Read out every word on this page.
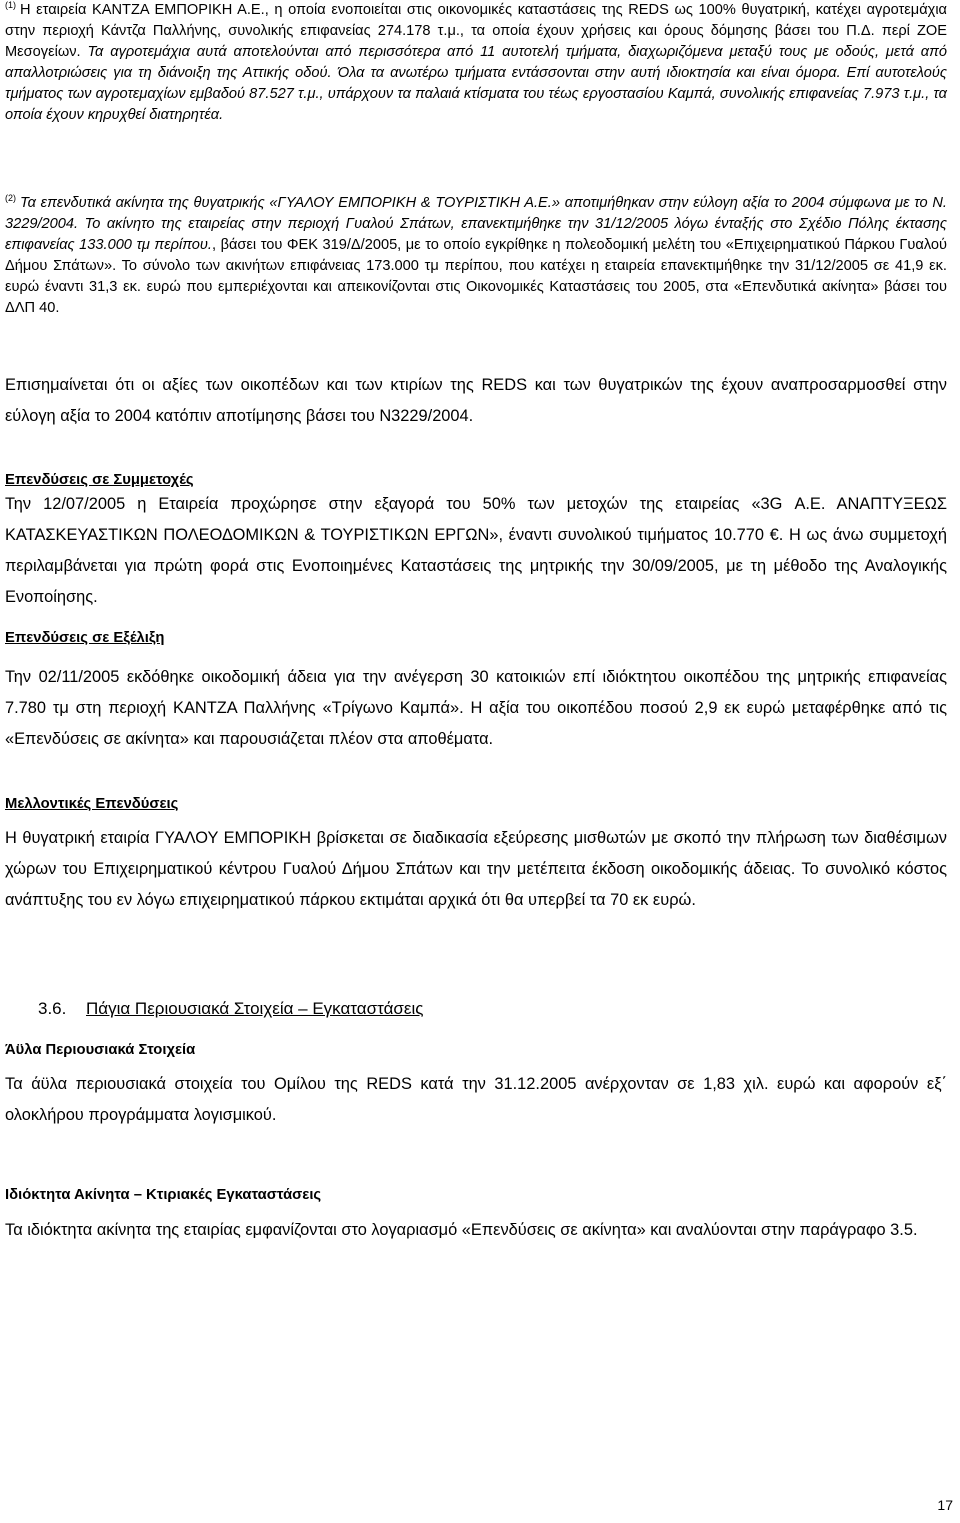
$^{(1)}$ Η εταιρεία ΚΑΝΤΖΑ ΕΜΠΟΡΙΚΗ Α.Ε., η οποία ενοποιείται στις οικονομικές καταστάσεις της REDS ως 100% θυγατρική, κατέχει αγροτεμάχια στην περιοχή Κάντζα Παλλήνης, συνολικής επιφανείας 274.178 τ.μ., τα οποία έχουν χρήσεις και όρους δόμησης βάσει του Π.Δ. περί ΖΟΕ Μεσογείων. Τα αγροτεμάχια αυτά αποτελούνται από περισσότερα από 11 αυτοτελή τμήματα, διαχωριζόμενα μεταξύ τους με οδούς, μετά από απαλλοτριώσεις για τη διάνοιξη της Αττικής οδού. Όλα τα ανωτέρω τμήματα εντάσσονται στην αυτή ιδιοκτησία και είναι όμορα. Επί αυτοτελούς τμήματος των αγροτεμαχίων εμβαδού 87.527 τ.μ., υπάρχουν τα παλαιά κτίσματα του τέως εργοστασίου Καμπά, συνολικής επιφανείας 7.973 τ.μ., τα οποία έχουν κηρυχθεί διατηρητέα.
$^{(2)}$ Τα επενδυτικά ακίνητα της θυγατρικής «ΓΥΑΛΟΥ ΕΜΠΟΡΙΚΗ & ΤΟΥΡΙΣΤΙΚΗ Α.Ε.» αποτιμήθηκαν στην εύλογη αξία το 2004 σύμφωνα με το Ν. 3229/2004. Το ακίνητο της εταιρείας στην περιοχή Γυαλού Σπάτων, επανεκτιμήθηκε την 31/12/2005 λόγω ένταξής στο Σχέδιο Πόλης έκτασης επιφανείας 133.000 τμ περίπου., βάσει του ΦΕΚ 319/Δ/2005, με το οποίο εγκρίθηκε η πολεοδομική μελέτη του «Επιχειρηματικού Πάρκου Γυαλού Δήμου Σπάτων». Το σύνολο των ακινήτων επιφάνειας 173.000 τμ περίπου, που κατέχει η εταιρεία επανεκτιμήθηκε την 31/12/2005 σε 41,9 εκ. ευρώ έναντι 31,3 εκ. ευρώ που εμπεριέχονται και απεικονίζονται στις Οικονομικές Καταστάσεις του 2005, στα «Επενδυτικά ακίνητα» βάσει του ΔΛΠ 40.
Επισημαίνεται ότι οι αξίες των οικοπέδων και των κτιρίων της REDS και των θυγατρικών της έχουν αναπροσαρμοσθεί στην εύλογη αξία το 2004 κατόπιν αποτίμησης βάσει του Ν3229/2004.
Επενδύσεις σε Συμμετοχές
Την 12/07/2005 η Εταιρεία προχώρησε στην εξαγορά του 50% των μετοχών της εταιρείας «3G Α.Ε. ΑΝΑΠΤΥΞΕΩΣ ΚΑΤΑΣΚΕΥΑΣΤΙΚΩΝ ΠΟΛΕΟΔΟΜΙΚΩΝ & ΤΟΥΡΙΣΤΙΚΩΝ ΕΡΓΩΝ», έναντι συνολικού τιμήματος 10.770 €. Η ως άνω συμμετοχή περιλαμβάνεται για πρώτη φορά στις Ενοποιημένες Καταστάσεις της μητρικής την 30/09/2005, με τη μέθοδο της Αναλογικής Ενοποίησης.
Επενδύσεις σε Εξέλιξη
Την 02/11/2005 εκδόθηκε οικοδομική άδεια για την ανέγερση 30 κατοικιών επί ιδιόκτητου οικοπέδου της μητρικής επιφανείας 7.780 τμ στη περιοχή ΚΑΝΤΖΑ Παλλήνης «Τρίγωνο Καμπά». Η αξία του οικοπέδου ποσού 2,9 εκ ευρώ μεταφέρθηκε από τις «Επενδύσεις σε ακίνητα» και παρουσιάζεται πλέον στα αποθέματα.
Μελλοντικές Επενδύσεις
Η θυγατρική εταιρία ΓΥΑΛΟΥ ΕΜΠΟΡΙΚΗ βρίσκεται σε διαδικασία εξεύρεσης μισθωτών με σκοπό την πλήρωση των διαθέσιμων χώρων του Επιχειρηματικού κέντρου Γυαλού Δήμου Σπάτων και την μετέπειτα έκδοση οικοδομικής άδειας. Το συνολικό κόστος ανάπτυξης του εν λόγω επιχειρηματικού πάρκου εκτιμάται αρχικά ότι θα υπερβεί τα 70 εκ ευρώ.
3.6. Πάγια Περιουσιακά Στοιχεία – Εγκαταστάσεις
Άϋλα Περιουσιακά Στοιχεία
Τα άϋλα περιουσιακά στοιχεία του Ομίλου της REDS κατά την 31.12.2005 ανέρχονταν σε 1,83 χιλ. ευρώ και αφορούν εξ΄ ολοκλήρου προγράμματα λογισμικού.
Ιδιόκτητα Ακίνητα – Κτιριακές Εγκαταστάσεις
Τα ιδιόκτητα ακίνητα της εταιρίας εμφανίζονται στο λογαριασμό «Επενδύσεις σε ακίνητα» και αναλύονται στην παράγραφο 3.5.
17
